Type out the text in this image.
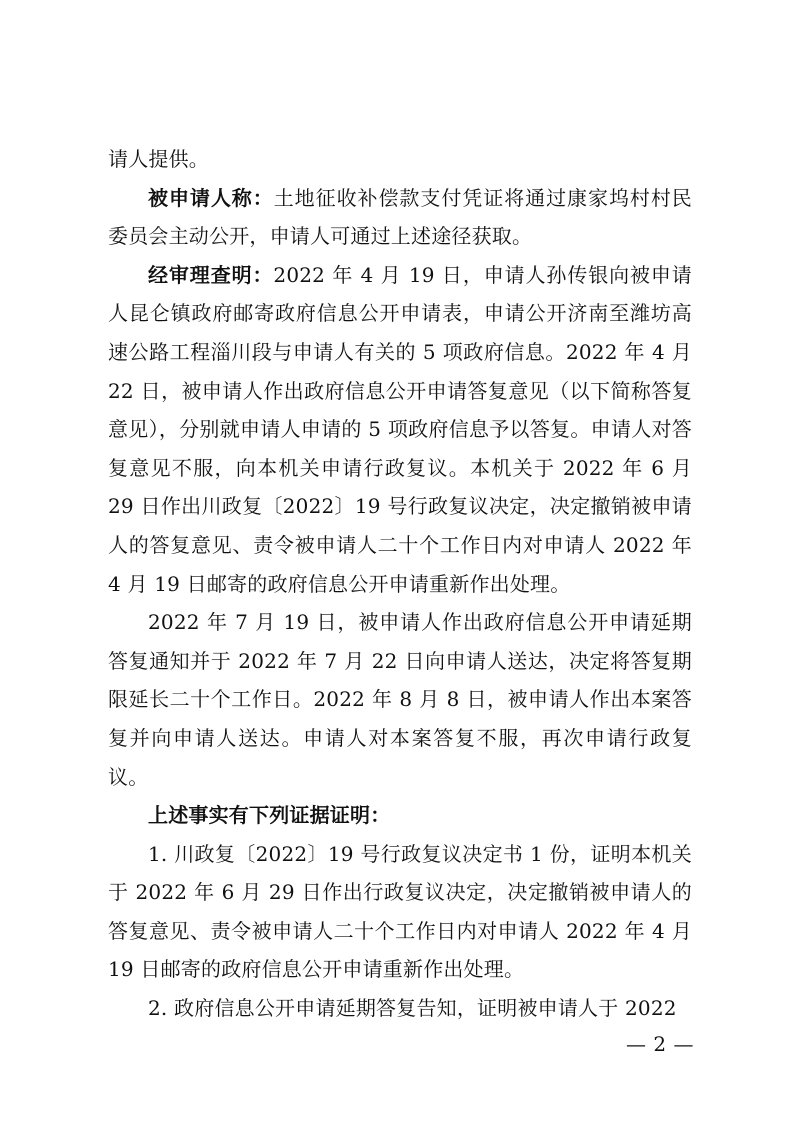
请人提供。

被申请人称：土地征收补偿款支付凭证将通过康家坞村村民委员会主动公开，申请人可通过上述途径获取。

经审理查明：2022 年 4 月 19 日，申请人孙传银向被申请人昆仑镇政府邮寄政府信息公开申请表，申请公开济南至潍坊高速公路工程淄川段与申请人有关的 5 项政府信息。2022 年 4 月 22 日，被申请人作出政府信息公开申请答复意见（以下简称答复意见），分别就申请人申请的 5 项政府信息予以答复。申请人对答复意见不服，向本机关申请行政复议。本机关于 2022 年 6 月 29 日作出川政复〔2022〕19 号行政复议决定，决定撤销被申请人的答复意见、责令被申请人二十个工作日内对申请人 2022 年 4 月 19 日邮寄的政府信息公开申请重新作出处理。

2022 年 7 月 19 日，被申请人作出政府信息公开申请延期答复通知并于 2022 年 7 月 22 日向申请人送达，决定将答复期限延长二十个工作日。2022 年 8 月 8 日，被申请人作出本案答复并向申请人送达。申请人对本案答复不服，再次申请行政复议。

上述事实有下列证据证明：

1. 川政复〔2022〕19 号行政复议决定书 1 份，证明本机关于 2022 年 6 月 29 日作出行政复议决定，决定撤销被申请人的答复意见、责令被申请人二十个工作日内对申请人 2022 年 4 月 19 日邮寄的政府信息公开申请重新作出处理。

2. 政府信息公开申请延期答复告知，证明被申请人于 2022

— 2 —
